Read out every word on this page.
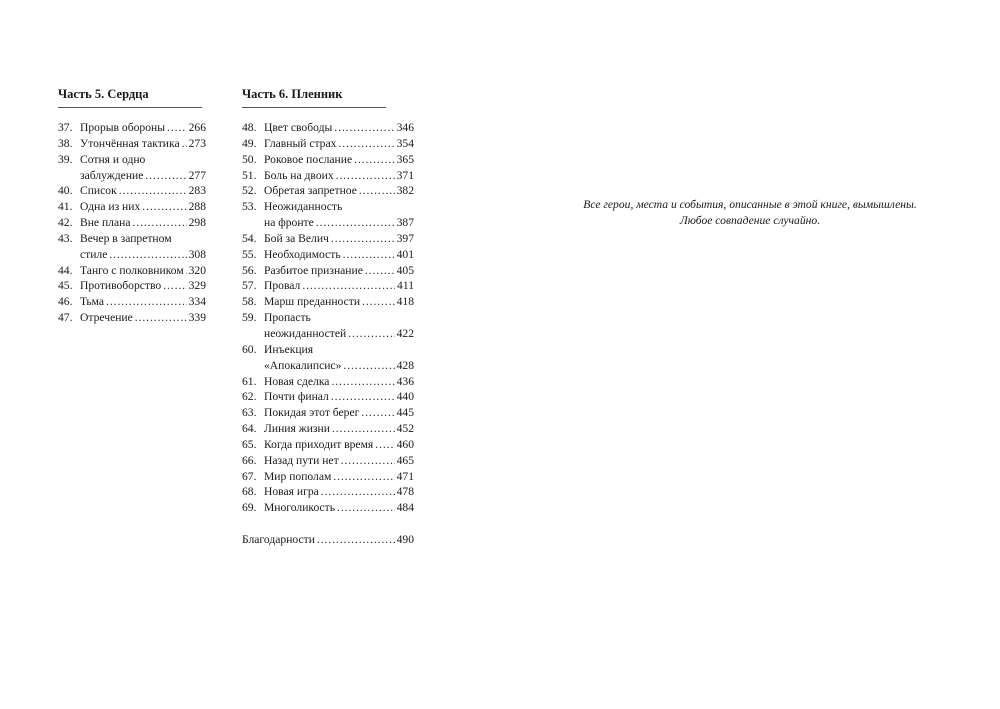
Часть 5. Сердца
37. Прорыв обороны . . . 266
38. Утончённая тактика . . . 273
39. Сотня и одно
заблуждение . . .	277
40. Список . . .	283
41. Одна из них . . .	288
42. Вне плана . . .	298
43. Вечер в запретном
стиле . . .	308
44. Танго с полковником . . . 320
45. Противоборство . . . 329
46. Тьма . . .	334
47. Отречение . . .	339
Часть 6. Пленник
48. Цвет свободы . . .	346
49. Главный страх . . .	354
50. Роковое послание . . .	365
51. Боль на двоих . . .	371
52. Обретая запретное . . .	382
53. Неожиданность
на фронте . . .	387
54. Бой за Велич . . .	397
55. Необходимость . . .	401
56. Разбитое признание . . .	405
57. Провал . . .	411
58. Марш преданности . . .	418
59. Пропасть
неожиданностей . . .	422
60. Инъекция
«Апокалипсис» . . .	428
61. Новая сделка . . .	436
62. Почти финал . . .	440
63. Покидая этот берег . . .	445
64. Линия жизни . . .	452
65. Когда приходит время . . . 460
66. Назад пути нет . . .	465
67. Мир пополам . . .	471
68. Новая игра . . .	478
69. Многоликость . . .	484
Благодарности . . .	490

Все герои, места и события, описанные в этой книге, вымышлены.

Любое совпадение случайно.
